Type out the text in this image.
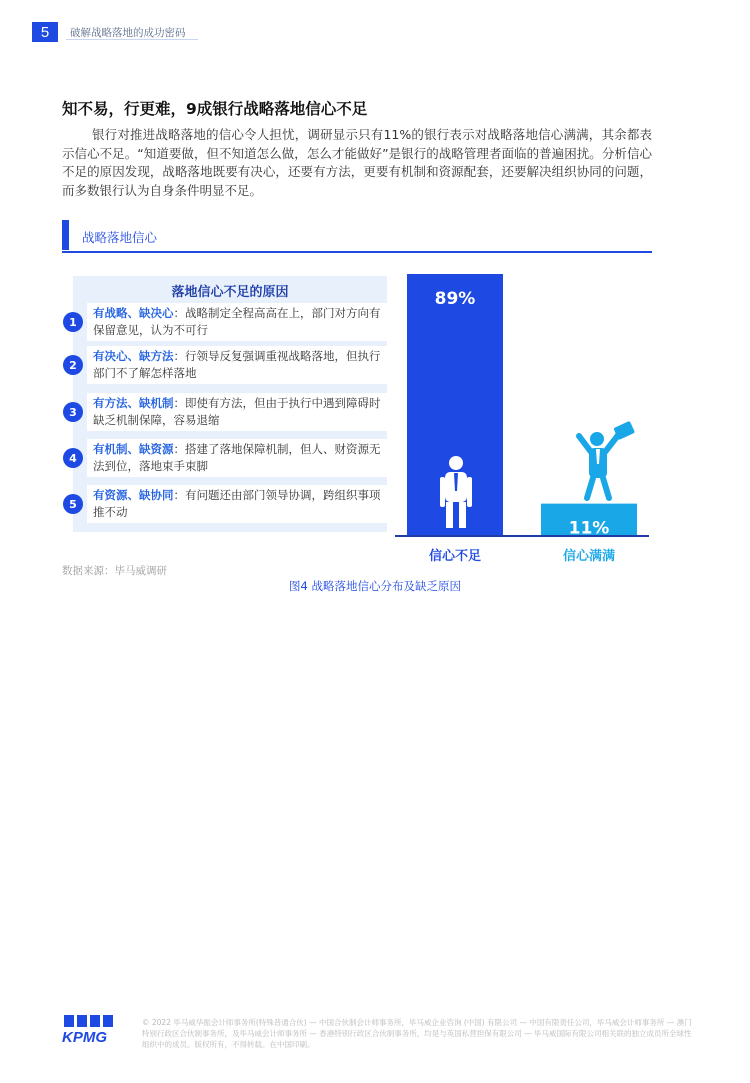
5	破解战略落地的成功密码
知不易，行更难，9成银行战略落地信心不足
银行对推进战略落地的信心令人担忧，调研显示只有11%的银行表示对战略落地信心满满，其余都表示信心不足。“知道要做，但不知道怎么做，怎么才能做好”是银行的战略管理者面临的普遍困扰。分析信心不足的原因发现，战略落地既要有决心，还要有方法，更要有机制和资源配套，还要解决组织协同的问题，而多数银行认为自身条件明显不足。
战略落地信心
落地信心不足的原因
1
有战略、缺决心：战略制定全程高高在上，部门对方向有保留意见，认为不可行
2
有决心、缺方法：行领导反复强调重视战略落地，但执行部门不了解怎样落地
3
有方法、缺机制：即使有方法，但由于执行中遇到障碍时缺乏机制保障，容易退缩
4
有机制、缺资源：搭建了落地保障机制，但人、财资源无法到位，落地束手束脚
5
有资源、缺协同：有问题还由部门领导协调，跨组织事项推不动
89%
信心不足
11%
信心满满
数据来源：毕马威调研
图4 战略落地信心分布及缺乏原因
KPMG
© 2022 毕马威华振会计师事务所(特殊普通合伙) — 中国合伙制会计师事务所，毕马威企业咨询 (中国) 有限公司 — 中国有限责任公司，毕马威会计师事务所 — 澳门特别行政区合伙制事务所，及毕马威会计师事务所 — 香港特别行政区合伙制事务所，均是与英国私营担保有限公司 — 毕马威国际有限公司相关联的独立成员所全球性组织中的成员。版权所有，不得转载。在中国印刷。
